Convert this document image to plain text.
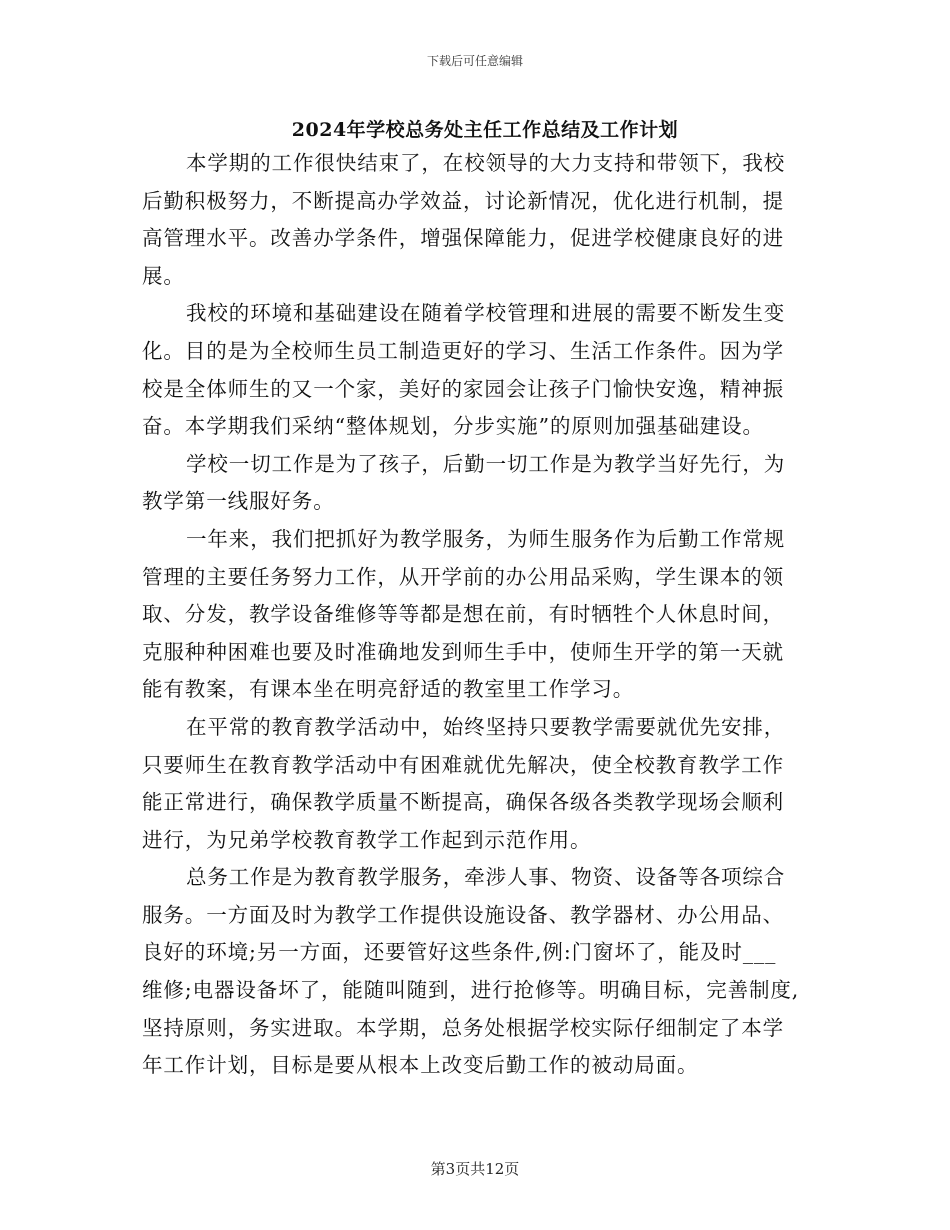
下载后可任意编辑
2024年学校总务处主任工作总结及工作计划
本学期的工作很快结束了，在校领导的大力支持和带领下，我校
后勤积极努力，不断提高办学效益，讨论新情况，优化进行机制，提
高管理水平。改善办学条件，增强保障能力，促进学校健康良好的进
展。
我校的环境和基础建设在随着学校管理和进展的需要不断发生变
化。目的是为全校师生员工制造更好的学习、生活工作条件。因为学
校是全体师生的又一个家，美好的家园会让孩子门愉快安逸，精神振
奋。本学期我们采纳“整体规划，分步实施”的原则加强基础建设。
学校一切工作是为了孩子，后勤一切工作是为教学当好先行，为
教学第一线服好务。
一年来，我们把抓好为教学服务，为师生服务作为后勤工作常规
管理的主要任务努力工作，从开学前的办公用品采购，学生课本的领
取、分发，教学设备维修等等都是想在前，有时牺牲个人休息时间，
克服种种困难也要及时准确地发到师生手中，使师生开学的第一天就
能有教案，有课本坐在明亮舒适的教室里工作学习。
在平常的教育教学活动中，始终坚持只要教学需要就优先安排，
只要师生在教育教学活动中有困难就优先解决，使全校教育教学工作
能正常进行，确保教学质量不断提高，确保各级各类教学现场会顺利
进行，为兄弟学校教育教学工作起到示范作用。
总务工作是为教育教学服务，牵涉人事、物资、设备等各项综合
服务。一方面及时为教学工作提供设施设备、教学器材、办公用品、
良好的环境;另一方面，还要管好这些条件,例:门窗坏了，能及时___
维修;电器设备坏了，能随叫随到，进行抢修等。明确目标，完善制度,
坚持原则，务实进取。本学期，总务处根据学校实际仔细制定了本学
年工作计划，目标是要从根本上改变后勤工作的被动局面。
第3页共12页
